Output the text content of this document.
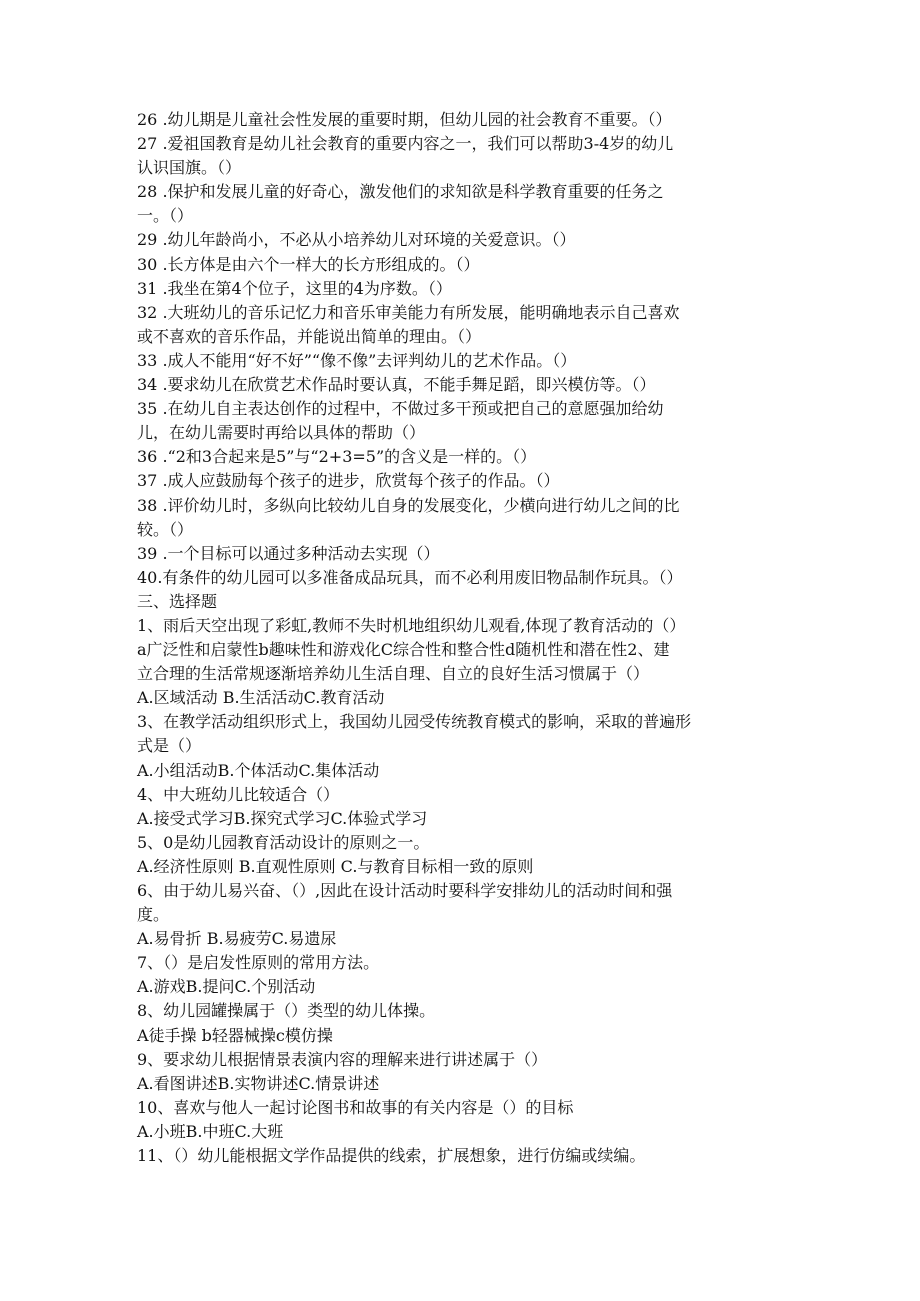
26 .幼儿期是儿童社会性发展的重要时期，但幼儿园的社会教育不重要。（）
27 .爱祖国教育是幼儿社会教育的重要内容之一，我们可以帮助3-4岁的幼儿
认识国旗。（）
28 .保护和发展儿童的好奇心，激发他们的求知欲是科学教育重要的任务之
一。（）
29 .幼儿年龄尚小，不必从小培养幼儿对环境的关爱意识。（）
30 .长方体是由六个一样大的长方形组成的。（）
31 .我坐在第4个位子，这里的4为序数。（）
32 .大班幼儿的音乐记忆力和音乐审美能力有所发展，能明确地表示自己喜欢
或不喜欢的音乐作品，并能说出简单的理由。（）
33 .成人不能用“好不好”“像不像”去评判幼儿的艺术作品。（）
34 .要求幼儿在欣赏艺术作品时要认真，不能手舞足蹈，即兴模仿等。（）
35 .在幼儿自主表达创作的过程中，不做过多干预或把自己的意愿强加给幼
儿，在幼儿需要时再给以具体的帮助（）
36 .“2和3合起来是5”与“2+3=5”的含义是一样的。（）
37 .成人应鼓励每个孩子的进步，欣赏每个孩子的作品。（）
38 .评价幼儿时，多纵向比较幼儿自身的发展变化，少横向进行幼儿之间的比
较。（）
39 .一个目标可以通过多种活动去实现（）
40.有条件的幼儿园可以多准备成品玩具，而不必利用废旧物品制作玩具。（）
三、选择题
1、雨后天空出现了彩虹,教师不失时机地组织幼儿观看,体现了教育活动的（）
a广泛性和启蒙性b趣味性和游戏化C综合性和整合性d随机性和潜在性2、建
立合理的生活常规逐渐培养幼儿生活自理、自立的良好生活习惯属于（）
A.区域活动 B.生活活动C.教育活动
3、在教学活动组织形式上，我国幼儿园受传统教育模式的影响，采取的普遍形
式是（）
A.小组活动B.个体活动C.集体活动
4、中大班幼儿比较适合（）
A.接受式学习B.探究式学习C.体验式学习
5、0是幼儿园教育活动设计的原则之一。
A.经济性原则 B.直观性原则 C.与教育目标相一致的原则
6、由于幼儿易兴奋、（）,因此在设计活动时要科学安排幼儿的活动时间和强
度。
A.易骨折 B.易疲劳C.易遗尿
7、（）是启发性原则的常用方法。
A.游戏B.提问C.个别活动
8、幼儿园罐操属于（）类型的幼儿体操。
A徒手操 b轻器械操c模仿操
9、要求幼儿根据情景表演内容的理解来进行讲述属于（）
A.看图讲述B.实物讲述C.情景讲述
10、喜欢与他人一起讨论图书和故事的有关内容是（）的目标
A.小班B.中班C.大班
11、（）幼儿能根据文学作品提供的线索，扩展想象，进行仿编或续编。
